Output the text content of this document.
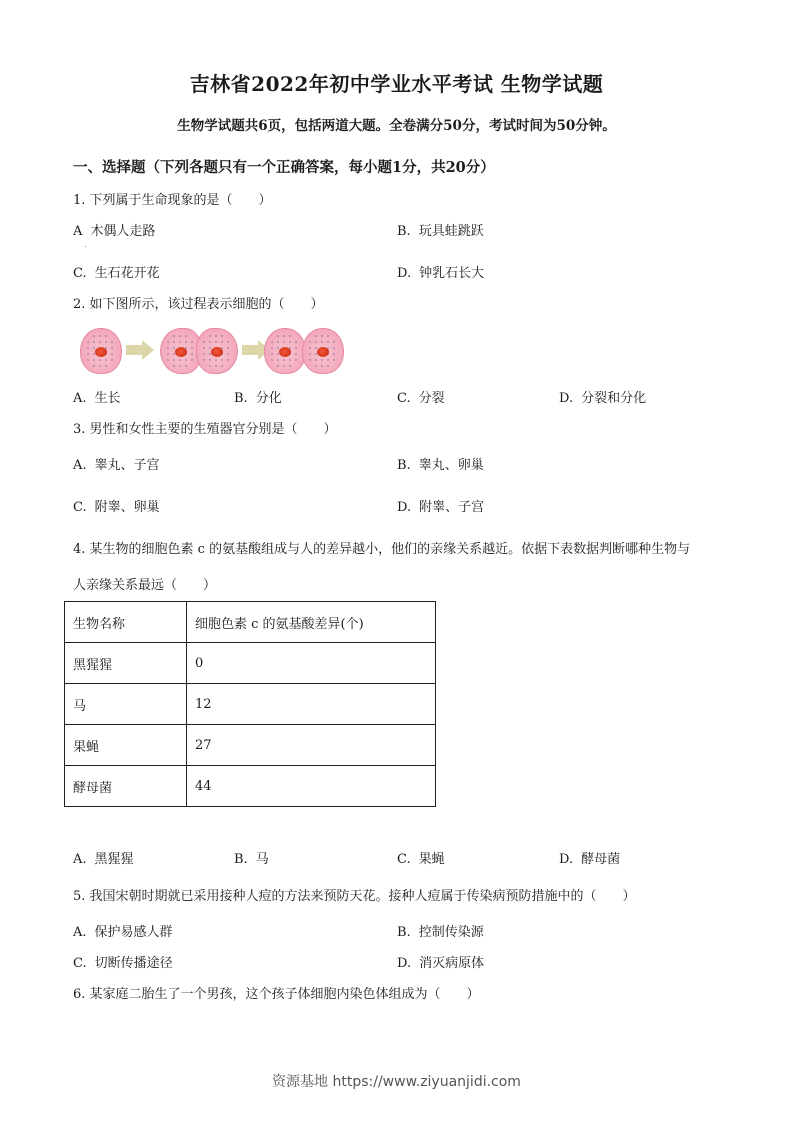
吉林省2022年初中学业水平考试 生物学试题
生物学试题共6页，包括两道大题。全卷满分50分，考试时间为50分钟。
一、选择题（下列各题只有一个正确答案，每小题1分，共20分）
1. 下列属于生命现象的是（　　）
A 木偶人走路	B. 玩具蛙跳跃
C. 生石花开花	D. 钟乳石长大
2. 如下图所示，该过程表示细胞的（　　）
A. 生长	B. 分化	C. 分裂	D. 分裂和分化
3. 男性和女性主要的生殖器官分别是（　　）
A. 睾丸、子宫	B. 睾丸、卵巢
C. 附睾、卵巢	D. 附睾、子宫
4. 某生物的细胞色素 c 的氨基酸组成与人的差异越小，他们的亲缘关系越近。依据下表数据判断哪种生物与
人亲缘关系最远（　　）
生物名称	细胞色素 c 的氨基酸差异(个)
黑猩猩	0
马	12
果蝇	27
酵母菌	44
A. 黑猩猩	B. 马	C. 果蝇	D. 酵母菌
5. 我国宋朝时期就已采用接种人痘的方法来预防天花。接种人痘属于传染病预防措施中的（　　）
A. 保护易感人群	B. 控制传染源
C. 切断传播途径	D. 消灭病原体
6. 某家庭二胎生了一个男孩，这个孩子体细胞内染色体组成为（　　）
资源基地 https://www.ziyuanjidi.com
